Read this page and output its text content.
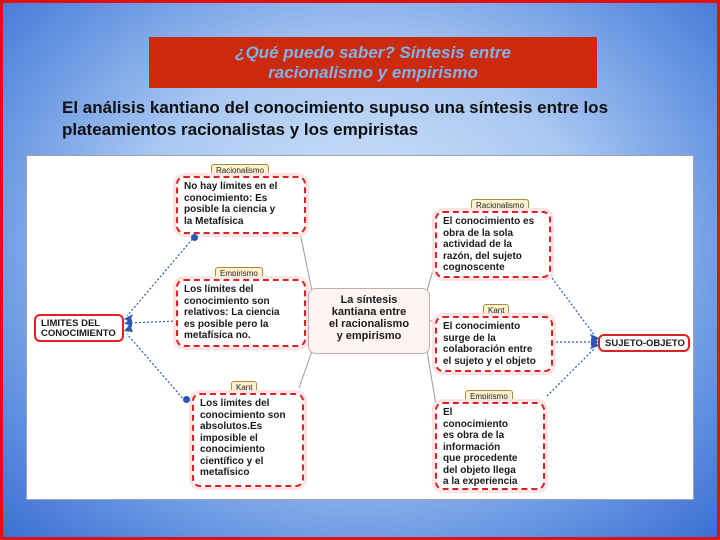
¿Qué puedo saber? Síntesis entre
racionalismo y empirismo
El análisis kantiano del conocimiento supuso una síntesis entre los
plateamientos racionalistas y los empiristas
Racionalismo
No hay límites en el
conocimiento: Es
posible la ciencia y
la Metafísica
Empirismo
Los límites del
conocimiento son
relativos: La ciencia
es posible pero la
metafísica no.
Kant
Los límites del
conocimiento son
absolutos.Es
imposible el
conocimiento
científico y el
metafísico
La síntesis
kantiana entre
el racionalismo
y empirismo
Racionalismo
El conocimiento es
obra de la sola
actividad de la
razón, del sujeto
cognoscente
Kant
El conocimiento
surge de la
colaboración entre
el sujeto y el objeto
Empirismo
El
conocimiento
es obra de la
información
que procedente
del objeto llega
a la experiencia
LIMITES DEL
CONOCIMIENTO
SUJETO-OBJETO
